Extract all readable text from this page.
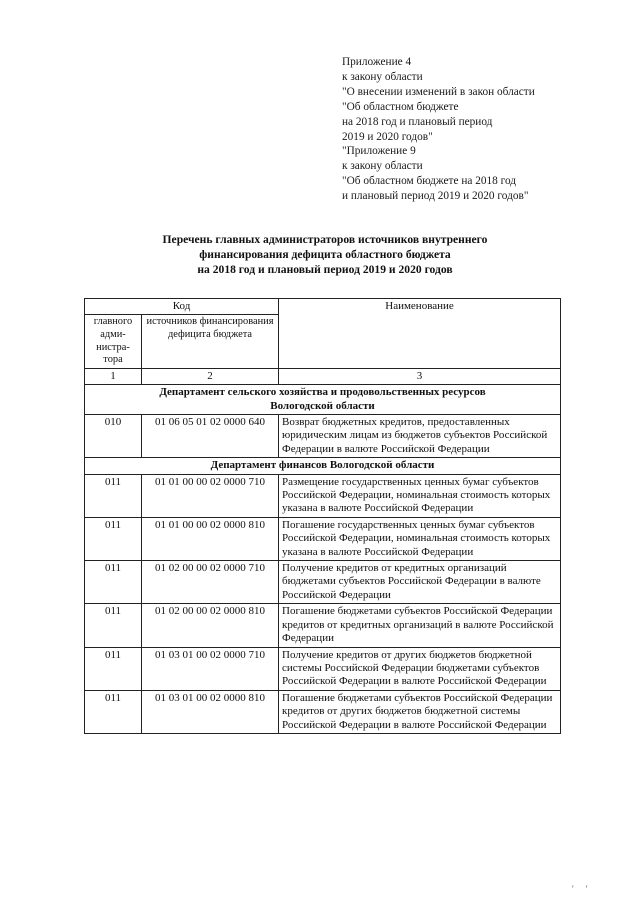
Приложение 4
к закону области
"О внесении изменений в закон области
"Об областном бюджете
на 2018 год и плановый период
2019 и 2020 годов"
"Приложение 9
к закону области
"Об областном бюджете на 2018 год
и плановый период 2019 и 2020 годов"
Перечень главных администраторов источников внутреннего
финансирования дефицита областного бюджета
на 2018 год и плановый период 2019 и 2020 годов
Код		Наименование

главного адми-нистра-тора	источников финансирования дефицита бюджета	
1	2	3
Департамент сельского хозяйства и продовольственных ресурсов Вологодской области		
010	01 06 05 01 02 0000 640	Возврат бюджетных кредитов, предоставленных юридическим лицам из бюджетов субъектов Российской Федерации в валюте Российской Федерации
Департамент финансов Вологодской области		
011	01 01 00 00 02 0000 710	Размещение государственных ценных бумаг субъектов Российской Федерации, номинальная стоимость которых указана в валюте Российской Федерации
011	01 01 00 00 02 0000 810	Погашение государственных ценных бумаг субъектов Российской Федерации, номинальная стоимость которых указана в валюте Российской Федерации
011	01 02 00 00 02 0000 710	Получение кредитов от кредитных организаций бюджетами субъектов Российской Федерации в валюте Российской Федерации
011	01 02 00 00 02 0000 810	Погашение бюджетами субъектов Российской Федерации кредитов от кредитных организаций в валюте Российской Федерации
011	01 03 01 00 02 0000 710	Получение кредитов от других бюджетов бюджетной системы Российской Федерации бюджетами субъектов Российской Федерации в валюте Российской Федерации
011	01 03 01 00 02 0000 810	Погашение бюджетами субъектов Российской Федерации кредитов от других бюджетов бюджетной системы Российской Федерации в валюте Российской Федерации
' '
